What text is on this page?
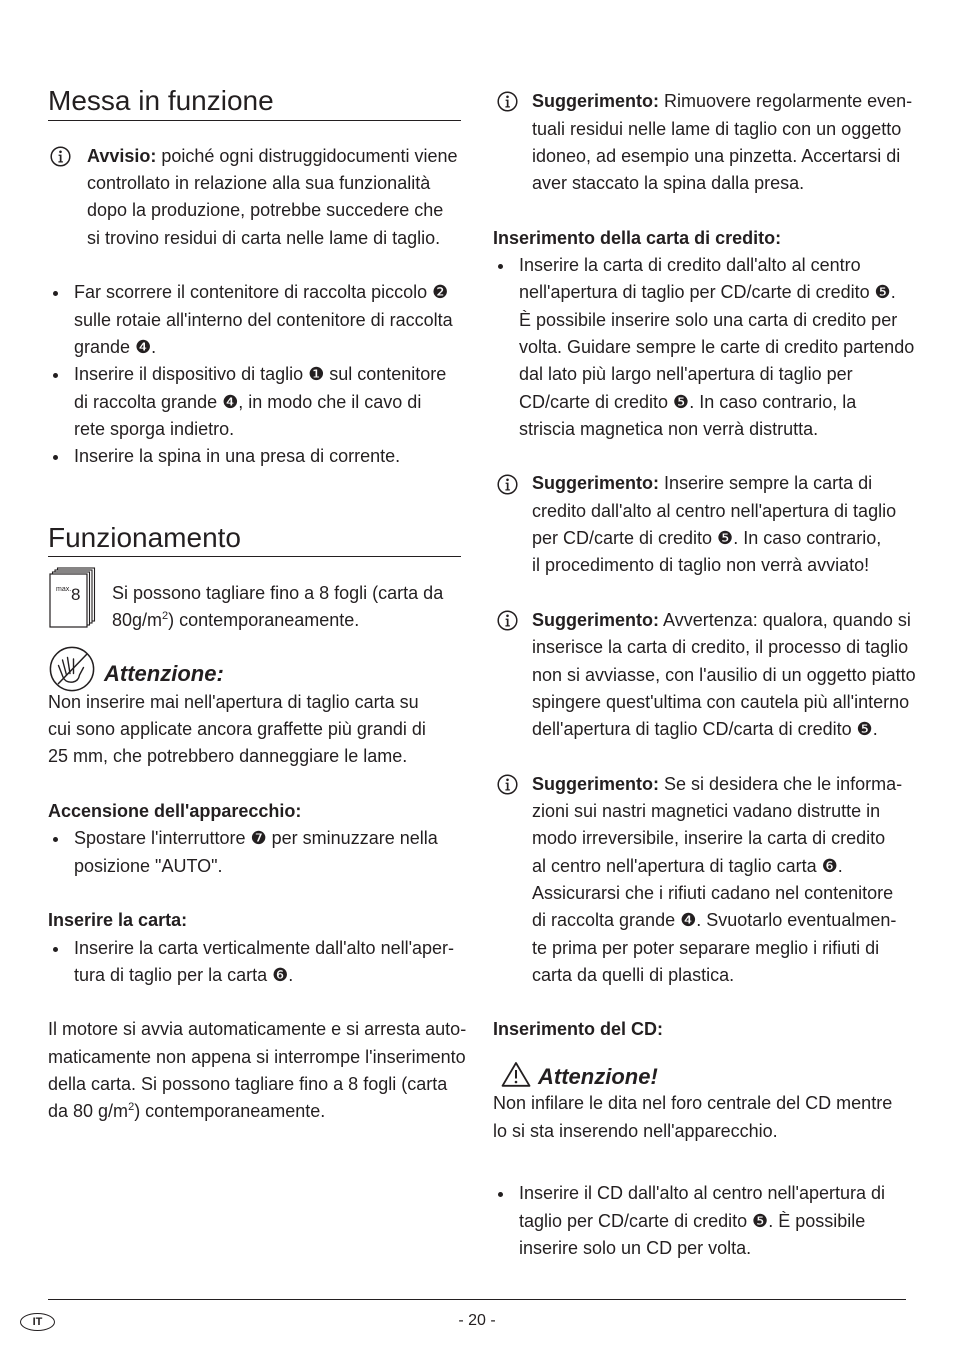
Messa in funzione
Avvisio: poiché ogni distruggidocumenti viene
controllato in relazione alla sua funzionalità
dopo la produzione, potrebbe succedere che
si trovino residui di carta nelle lame di taglio.
Far scorrere il contenitore di raccolta piccolo ❷
sulle rotaie all'interno del contenitore di raccolta
grande ❹.
Inserire il dispositivo di taglio ❶ sul contenitore
di raccolta grande ❹, in modo che il cavo di
rete sporga indietro.
Inserire la spina in una presa di corrente.
Funzionamento
max. 8 Si possono tagliare fino a 8 fogli (carta da
$80g/m^2$) contemporaneamente.
Attenzione:
Non inserire mai nell'apertura di taglio carta su
cui sono applicate ancora graffette più grandi di
25 mm, che potrebbero danneggiare le lame.
Accensione dell'apparecchio:
Spostare l'interruttore ❼ per sminuzzare nella
posizione "AUTO".
Inserire la carta:
Inserire la carta verticalmente dall'alto nell'aper-
tura di taglio per la carta ❻.
Il motore si avvia automaticamente e si arresta auto-
maticamente non appena si interrompe l'inserimento
della carta. Si possono tagliare fino a 8 fogli (carta
da 80 $g/m^2$) contemporaneamente.
Suggerimento: Rimuovere regolarmente even-
tuali residui nelle lame di taglio con un oggetto
idoneo, ad esempio una pinzetta. Accertarsi di
aver staccato la spina dalla presa.
Inserimento della carta di credito:
Inserire la carta di credito dall'alto al centro
nell'apertura di taglio per CD/carte di credito ❺.
È possibile inserire solo una carta di credito per
volta. Guidare sempre le carte di credito partendo
dal lato più largo nell'apertura di taglio per
CD/carte di credito ❺. In caso contrario, la
striscia magnetica non verrà distrutta.
Suggerimento: Inserire sempre la carta di
credito dall'alto al centro nell'apertura di taglio
per CD/carte di credito ❺. In caso contrario,
il procedimento di taglio non verrà avviato!
Suggerimento: Avvertenza: qualora, quando si
inserisce la carta di credito, il processo di taglio
non si avviasse, con l'ausilio di un oggetto piatto
spingere quest'ultima con cautela più all'interno
dell'apertura di taglio CD/carta di credito ❺.
Suggerimento: Se si desidera che le informa-
zioni sui nastri magnetici vadano distrutte in
modo irreversibile, inserire la carta di credito
al centro nell'apertura di taglio carta ❻.
Assicurarsi che i rifiuti cadano nel contenitore
di raccolta grande ❹. Svuotarlo eventualmen-
te prima per poter separare meglio i rifiuti di
carta da quelli di plastica.
Inserimento del CD:
Attenzione!
Non infilare le dita nel foro centrale del CD mentre
lo si sta inserendo nell'apparecchio.
Inserire il CD dall'alto al centro nell'apertura di
taglio per CD/carte di credito ❺. È possibile
inserire solo un CD per volta.
IT	- 20 -
